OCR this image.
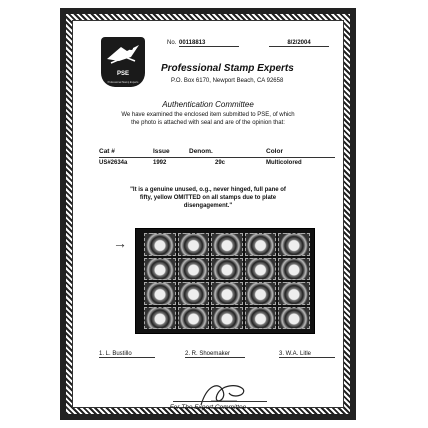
PSE
Professional Stamp Experts
No. 00118813	8/2/2004
Professional Stamp Experts
P.O. Box 6170, Newport Beach, CA 92658
Authentication Committee
We have examined the enclosed item submitted to PSE, of which
the photo is attached with seal and are of the opinion that:
Cat #	Issue	Denom.	Color
US#2634a	1992	29c	Multicolored
"It is a genuine unused, o.g., never hinged, full pane of
fifty, yellow OMITTED on all stamps due to plate
disengagement."
→
1. L. Bustillo	2. R. Shoemaker	3. W.A. Litle
For The Expert Committee
